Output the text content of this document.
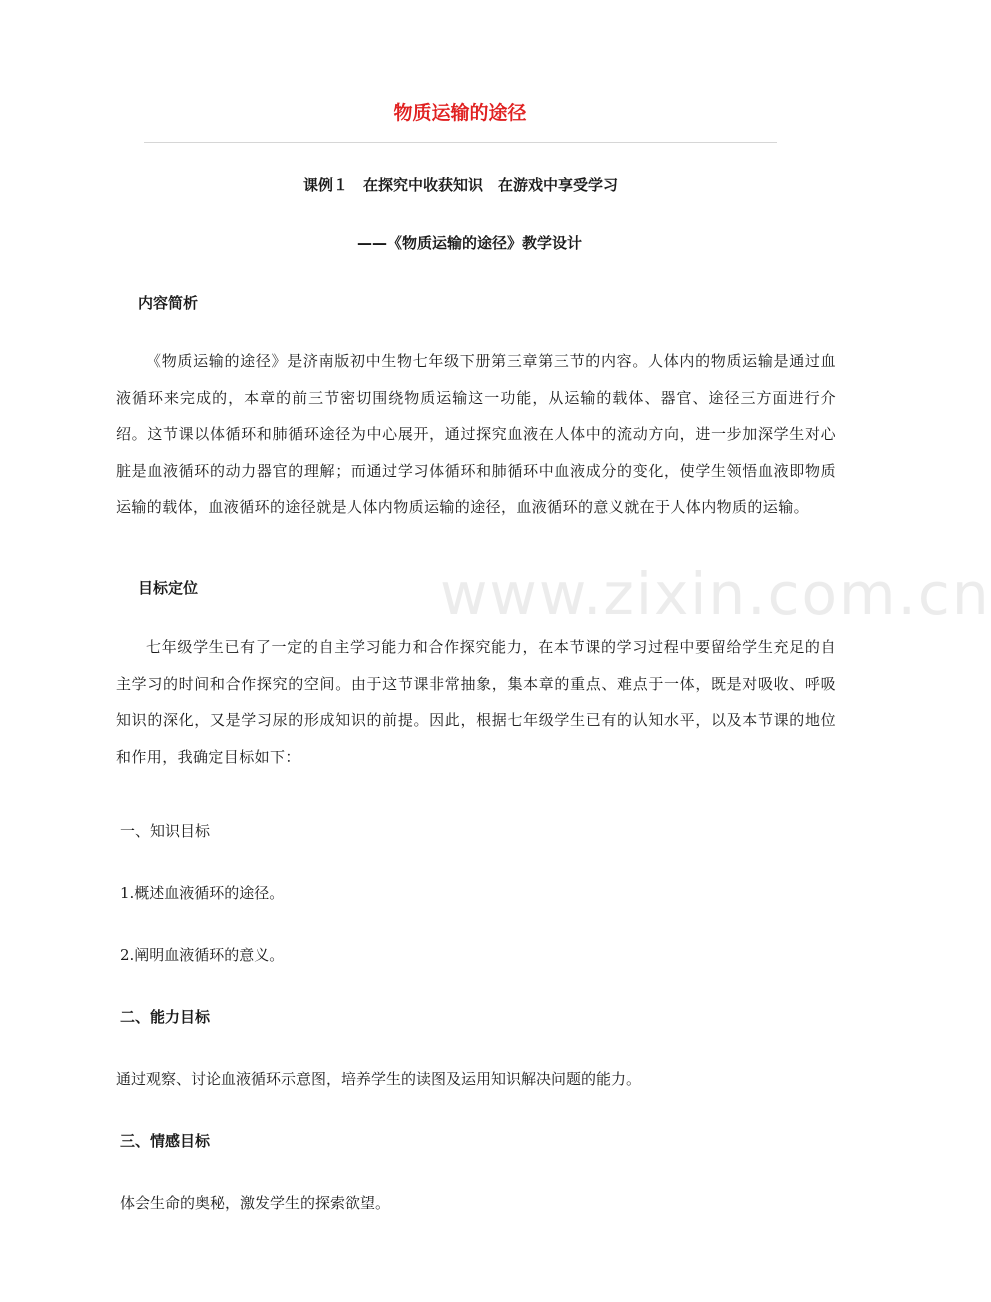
www.zixin.com.cn
物质运输的途径
课例１　在探究中收获知识　在游戏中享受学习
——《物质运输的途径》教学设计
内容简析
《物质运输的途径》是济南版初中生物七年级下册第三章第三节的内容。人体内的物质运输是通过血液循环来完成的，本章的前三节密切围绕物质运输这一功能，从运输的载体、器官、途径三方面进行介绍。这节课以体循环和肺循环途径为中心展开，通过探究血液在人体中的流动方向，进一步加深学生对心脏是血液循环的动力器官的理解；而通过学习体循环和肺循环中血液成分的变化，使学生领悟血液即物质运输的载体，血液循环的途径就是人体内物质运输的途径，血液循环的意义就在于人体内物质的运输。
目标定位
七年级学生已有了一定的自主学习能力和合作探究能力，在本节课的学习过程中要留给学生充足的自主学习的时间和合作探究的空间。由于这节课非常抽象，集本章的重点、难点于一体，既是对吸收、呼吸知识的深化，又是学习尿的形成知识的前提。因此，根据七年级学生已有的认知水平，以及本节课的地位和作用，我确定目标如下：
一、知识目标
1.概述血液循环的途径。
2.阐明血液循环的意义。
二、能力目标
通过观察、讨论血液循环示意图，培养学生的读图及运用知识解决问题的能力。
三、情感目标
体会生命的奥秘，激发学生的探索欲望。
